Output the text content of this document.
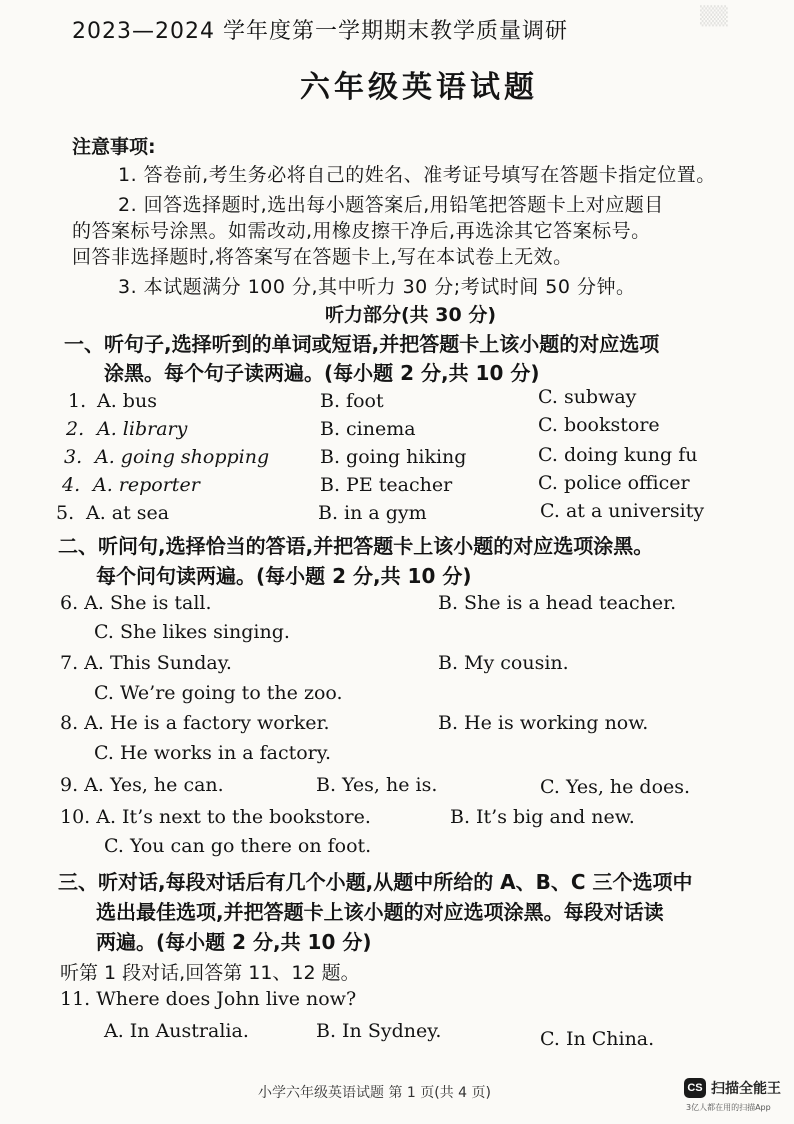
▒▒
2023—2024 学年度第一学期期末教学质量调研
六年级英语试题
注意事项:
1. 答卷前,考生务必将自己的姓名、准考证号填写在答题卡指定位置。
2. 回答选择题时,选出每小题答案后,用铅笔把答题卡上对应题目
的答案标号涂黑。如需改动,用橡皮擦干净后,再选涂其它答案标号。
回答非选择题时,将答案写在答题卡上,写在本试卷上无效。
3. 本试题满分 100 分,其中听力 30 分;考试时间 50 分钟。
听力部分(共 30 分)
一、听句子,选择听到的单词或短语,并把答题卡上该小题的对应选项
涂黑。每个句子读两遍。(每小题 2 分,共 10 分)
1. A. bus	B. foot	C. subway
2. A. library	B. cinema	C. bookstore
3. A. going shopping	B. going hiking	C. doing kung fu
4. A. reporter	B. PE teacher	C. police officer
5. A. at sea	B. in a gym	C. at a university
二、听问句,选择恰当的答语,并把答题卡上该小题的对应选项涂黑。
每个问句读两遍。(每小题 2 分,共 10 分)
6. A. She is tall.	B. She is a head teacher.
C. She likes singing.
7. A. This Sunday.	B. My cousin.
C. We’re going to the zoo.
8. A. He is a factory worker.	B. He is working now.
C. He works in a factory.
9. A. Yes, he can.	B. Yes, he is.	C. Yes, he does.
10. A. It’s next to the bookstore.	B. It’s big and new.
C. You can go there on foot.
三、听对话,每段对话后有几个小题,从题中所给的 A、B、C 三个选项中
选出最佳选项,并把答题卡上该小题的对应选项涂黑。每段对话读
两遍。(每小题 2 分,共 10 分)
听第 1 段对话,回答第 11、12 题。
11. Where does John live now?
A. In Australia.	B. In Sydney.	C. In China.
小学六年级英语试题 第 1 页(共 4 页)	CS 扫描全能王
3亿人都在用的扫描App
